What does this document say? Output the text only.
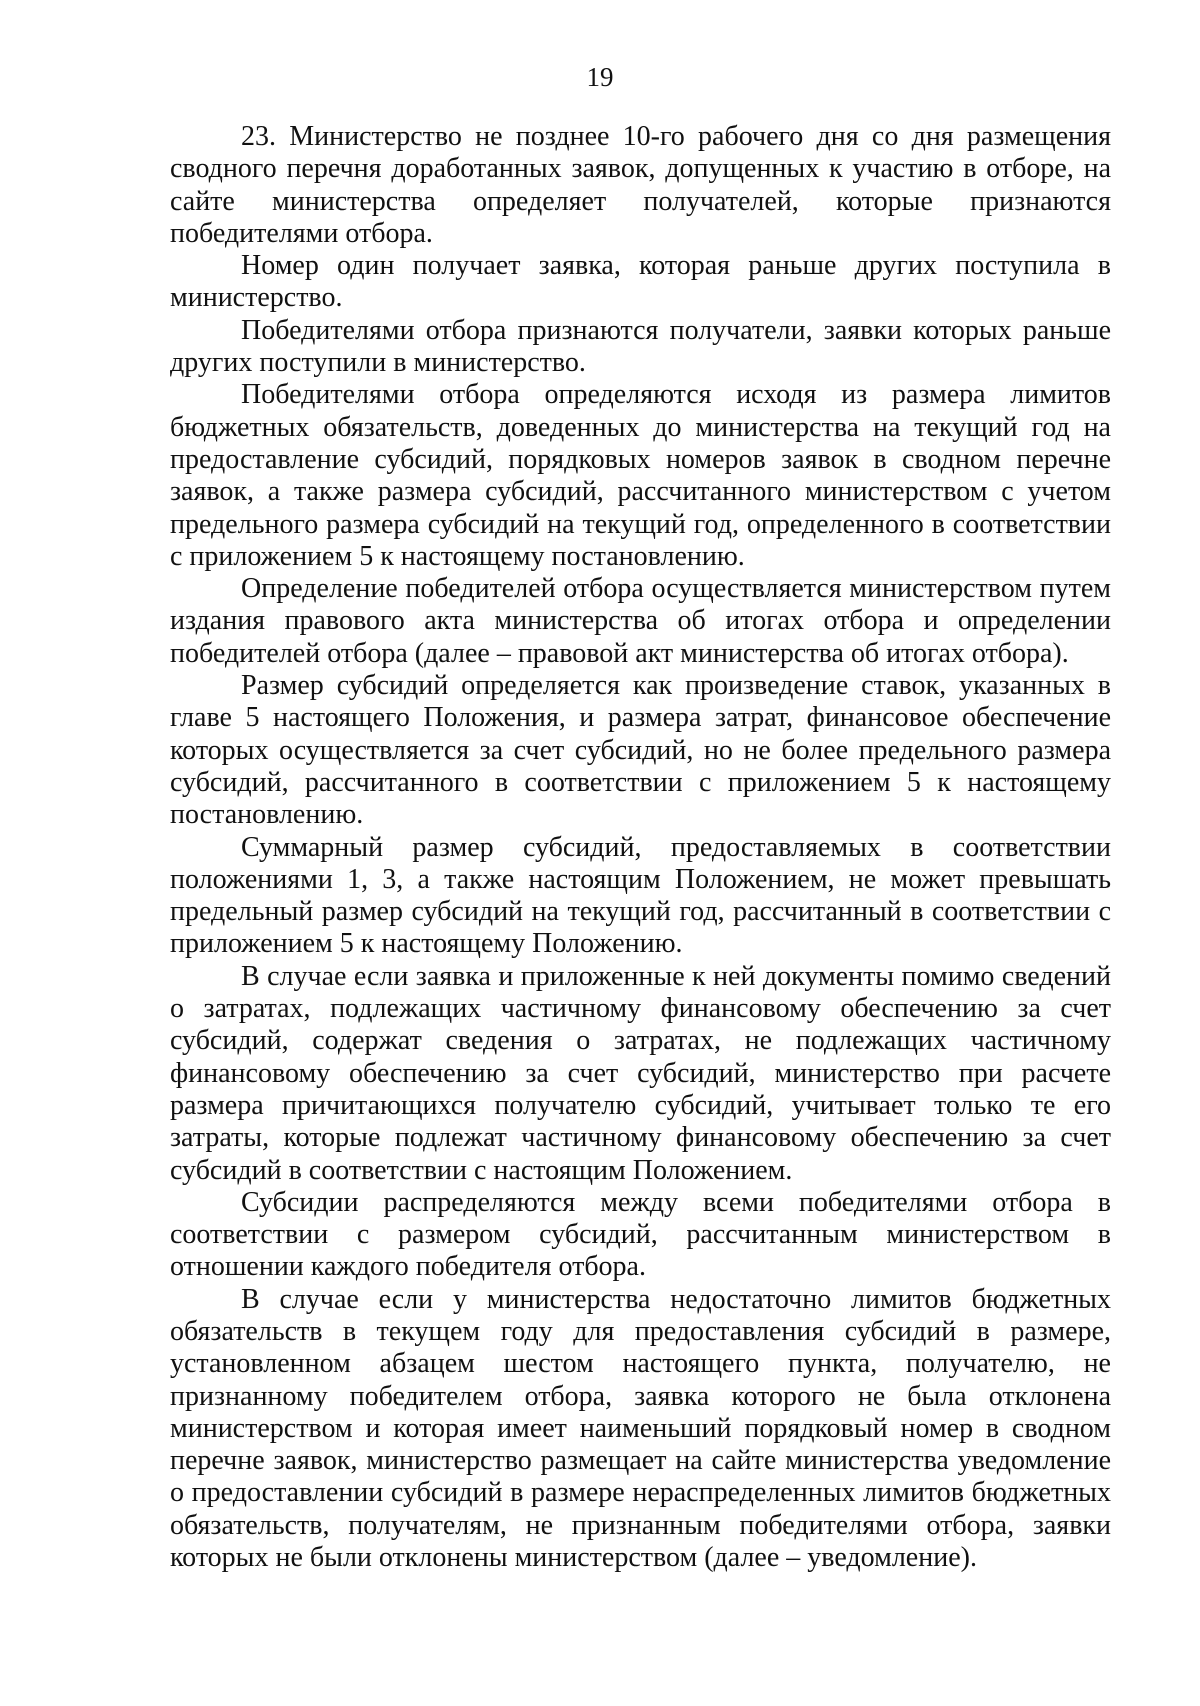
19

23. Министерство не позднее 10-го рабочего дня со дня размещения сводного перечня доработанных заявок, допущенных к участию в отборе, на сайте министерства определяет получателей, которые признаются победителями отбора.

Номер один получает заявка, которая раньше других поступила в министерство.

Победителями отбора признаются получатели, заявки которых раньше других поступили в министерство.

Победителями отбора определяются исходя из размера лимитов бюджетных обязательств, доведенных до министерства на текущий год на предоставление субсидий, порядковых номеров заявок в сводном перечне заявок, а также размера субсидий, рассчитанного министерством с учетом предельного размера субсидий на текущий год, определенного в соответствии с приложением 5 к настоящему постановлению.

Определение победителей отбора осуществляется министерством путем издания правового акта министерства об итогах отбора и определении победителей отбора (далее – правовой акт министерства об итогах отбора).

Размер субсидий определяется как произведение ставок, указанных в главе 5 настоящего Положения, и размера затрат, финансовое обеспечение которых осуществляется за счет субсидий, но не более предельного размера субсидий, рассчитанного в соответствии с приложением 5 к настоящему постановлению.

Суммарный размер субсидий, предоставляемых в соответствии положениями 1, 3, а также настоящим Положением, не может превышать предельный размер субсидий на текущий год, рассчитанный в соответствии с приложением 5 к настоящему Положению.

В случае если заявка и приложенные к ней документы помимо сведений о затратах, подлежащих частичному финансовому обеспечению за счет субсидий, содержат сведения о затратах, не подлежащих частичному финансовому обеспечению за счет субсидий, министерство при расчете размера причитающихся получателю субсидий, учитывает только те его затраты, которые подлежат частичному финансовому обеспечению за счет субсидий в соответствии с настоящим Положением.

Субсидии распределяются между всеми победителями отбора в соответствии с размером субсидий, рассчитанным министерством в отношении каждого победителя отбора.

В случае если у министерства недостаточно лимитов бюджетных обязательств в текущем году для предоставления субсидий в размере, установленном абзацем шестом настоящего пункта, получателю, не признанному победителем отбора, заявка которого не была отклонена министерством и которая имеет наименьший порядковый номер в сводном перечне заявок, министерство размещает на сайте министерства уведомление о предоставлении субсидий в размере нераспределенных лимитов бюджетных обязательств, получателям, не признанным победителями отбора, заявки которых не были отклонены министерством (далее – уведомление).
